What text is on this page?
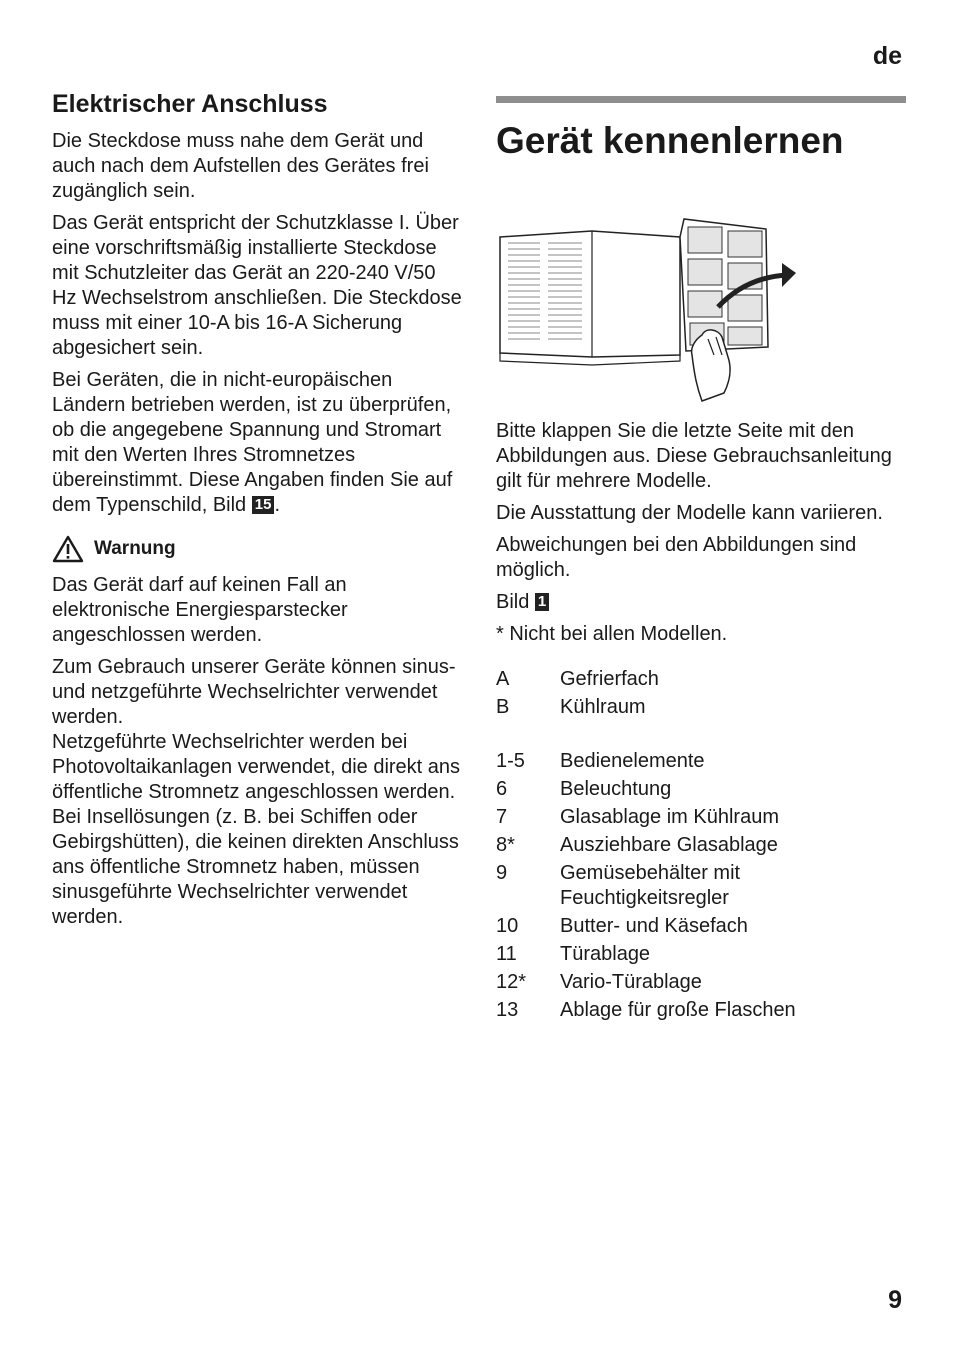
de
Elektrischer Anschluss

Die Steckdose muss nahe dem Gerät und auch nach dem Aufstellen des Gerätes frei zugänglich sein.

Das Gerät entspricht der Schutzklasse I. Über eine vorschriftsmäßig installierte Steckdose mit Schutzleiter das Gerät an 220-240 V/50 Hz Wechselstrom anschließen. Die Steckdose muss mit einer 10-A bis 16-A Sicherung abgesichert sein.

Bei Geräten, die in nicht-europäischen Ländern betrieben werden, ist zu überprüfen, ob die angegebene Spannung und Stromart mit den Werten Ihres Stromnetzes übereinstimmt. Diese Angaben finden Sie auf dem Typenschild, Bild 15 .

Warnung

Das Gerät darf auf keinen Fall an elektronische Energiesparstecker angeschlossen werden.

Zum Gebrauch unserer Geräte können sinus- und netzgeführte Wechselrichter verwendet werden.

Netzgeführte Wechselrichter werden bei Photovoltaikanlagen verwendet, die direkt ans öffentliche Stromnetz angeschlossen werden.

Bei Insellösungen (z. B. bei Schiffen oder Gebirgshütten), die keinen direkten Anschluss ans öffentliche Stromnetz haben, müssen sinusgeführte Wechselrichter verwendet werden.

Gerät kennenlernen

Bitte klappen Sie die letzte Seite mit den Abbildungen aus. Diese Gebrauchsanleitung gilt für mehrere Modelle.

Die Ausstattung der Modelle kann variieren.

Abweichungen bei den Abbildungen sind möglich.

Bild 1

* Nicht bei allen Modellen.

A	Gefrierfach
B	Kühlraum
1-5	Bedienelemente
6	Beleuchtung
7	Glasablage im Kühlraum
8*	Ausziehbare Glasablage
9	Gemüsebehälter mit Feuchtigkeitsregler
10	Butter- und Käsefach
11	Türablage
12*	Vario-Türablage
13	Ablage für große Flaschen
9
